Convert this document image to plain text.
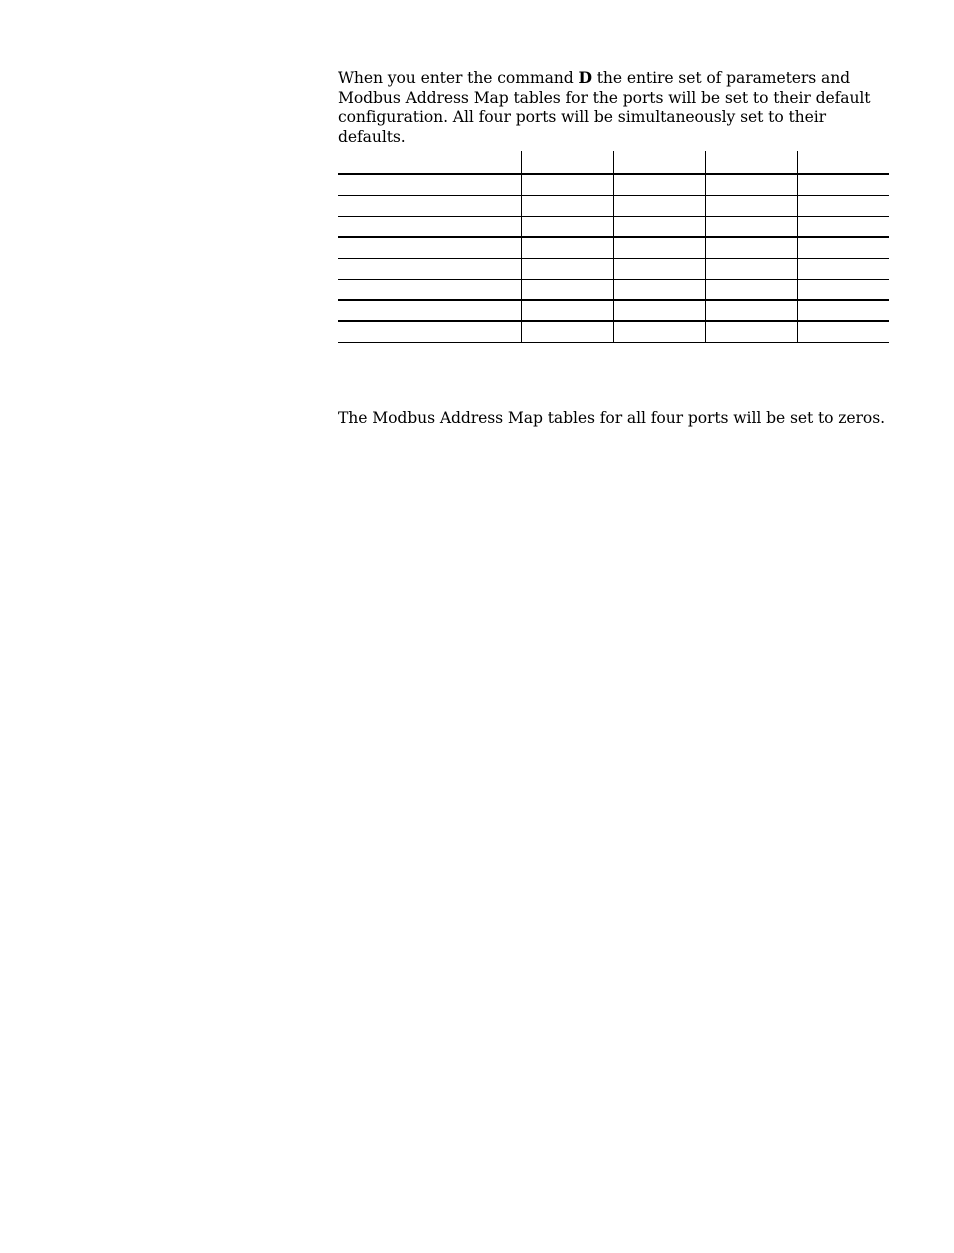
When you enter the command D the entire set of parameters and
Modbus Address Map tables for the ports will be set to their default
configuration. All four ports will be simultaneously set to their defaults.

The Modbus Address Map tables for all four ports will be set to zeros.
